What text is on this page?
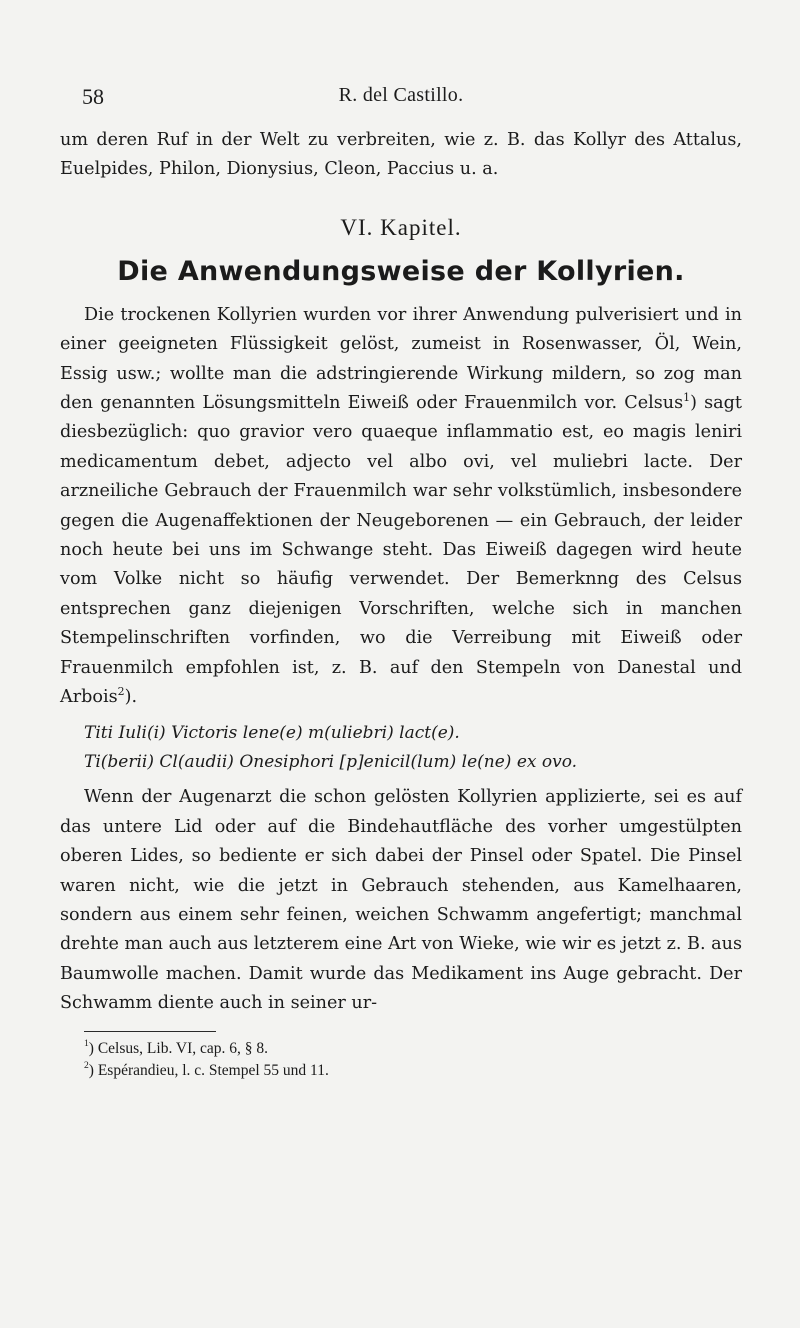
58	R. del Castillo.

um deren Ruf in der Welt zu verbreiten, wie z. B. das Kollyr des Attalus, Euelpides, Philon, Dionysius, Cleon, Paccius u. a.

VI. Kapitel.
Die Anwendungsweise der Kollyrien.

Die trockenen Kollyrien wurden vor ihrer Anwendung pulverisiert und in einer geeigneten Flüssigkeit gelöst, zumeist in Rosenwasser, Öl, Wein, Essig usw.; wollte man die adstringierende Wirkung mildern, so zog man den genannten Lösungsmitteln Eiweiß oder Frauenmilch vor. Celsus$^1$) sagt diesbezüglich: quo gravior vero quaeque inflammatio est, eo magis leniri medicamentum debet, adjecto vel albo ovi, vel muliebri lacte. Der arzneiliche Gebrauch der Frauenmilch war sehr volkstümlich, insbesondere gegen die Augenaffektionen der Neugeborenen — ein Gebrauch, der leider noch heute bei uns im Schwange steht. Das Eiweiß dagegen wird heute vom Volke nicht so häufig verwendet. Der Bemerknng des Celsus entsprechen ganz diejenigen Vorschriften, welche sich in manchen Stempelinschriften vorfinden, wo die Verreibung mit Eiweiß oder Frauenmilch empfohlen ist, z. B. auf den Stempeln von Danestal und Arbois$^2$).

Titi Iuli(i) Victoris lene(e) m(uliebri) lact(e).
Ti(berii) Cl(audii) Onesiphori [p]enicil(lum) le(ne) ex ovo.

Wenn der Augenarzt die schon gelösten Kollyrien applizierte, sei es auf das untere Lid oder auf die Bindehautfläche des vorher umgestülpten oberen Lides, so bediente er sich dabei der Pinsel oder Spatel. Die Pinsel waren nicht, wie die jetzt in Gebrauch stehenden, aus Kamelhaaren, sondern aus einem sehr feinen, weichen Schwamm angefertigt; manchmal drehte man auch aus letzterem eine Art von Wieke, wie wir es jetzt z. B. aus Baumwolle machen. Damit wurde das Medikament ins Auge gebracht. Der Schwamm diente auch in seiner ur-

$^1$) Celsus, Lib. VI, cap. 6, § 8.
$^2$) Espérandieu, l. c. Stempel 55 und 11.
